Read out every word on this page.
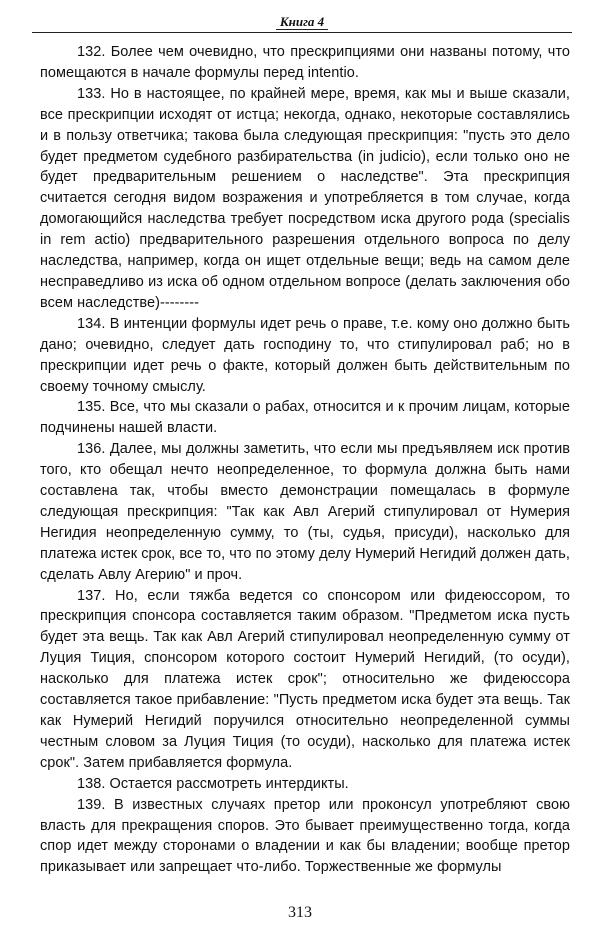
Книга 4

132. Более чем очевидно, что прескрипциями они названы потому, что помещаются в начале формулы перед intentio.

133. Но в настоящее, по крайней мере, время, как мы и выше сказали, все прескрипции исходят от истца; некогда, однако, некоторые составлялись и в пользу ответчика; такова была следующая прескрипция: "пусть это дело будет предметом судебного разбирательства (in judicio), если только оно не будет предварительным решением о наследстве". Эта прескрипция считается сегодня видом возражения и употребляется в том случае, когда домогающийся наследства требует посредством иска другого рода (specialis in rem actio) предварительного разрешения отдельного вопроса по делу наследства, например, когда он ищет отдельные вещи; ведь на самом деле несправедливо из иска об одном отдельном вопросе (делать заключения обо всем наследстве)--------

134. В интенции формулы идет речь о праве, т.е. кому оно должно быть дано; очевидно, следует дать господину то, что стипулировал раб; но в прескрипции идет речь о факте, который должен быть действительным по своему точному смыслу.

135. Все, что мы сказали о рабах, относится и к прочим лицам, которые подчинены нашей власти.

136. Далее, мы должны заметить, что если мы предъявляем иск против того, кто обещал нечто неопределенное, то формула должна быть нами составлена так, чтобы вместо демонстрации помещалась в формуле следующая прескрипция: "Так как Авл Агерий стипулировал от Нумерия Негидия неопределенную сумму, то (ты, судья, присуди), насколько для платежа истек срок, все то, что по этому делу Нумерий Негидий должен дать, сделать Авлу Агерию" и проч.

137. Но, если тяжба ведется со спонсором или фидеюссором, то прескрипция спонсора составляется таким образом. "Предметом иска пусть будет эта вещь. Так как Авл Агерий стипулировал неопределенную сумму от Луция Тиция, спонсором которого состоит Нумерий Негидий, (то осуди), насколько для платежа истек срок"; относительно же фидеюссора составляется такое прибавление: "Пусть предметом иска будет эта вещь. Так как Нумерий Негидий поручился относительно неопределенной суммы честным словом за Луция Тиция (то осуди), насколько для платежа истек срок". Затем прибавляется формула.

138. Остается рассмотреть интердикты.

139. В известных случаях претор или проконсул употребляют свою власть для прекращения споров. Это бывает преимущественно тогда, когда спор идет между сторонами о владении и как бы владении; вообще претор приказывает или запрещает что-либо. Торжественные же формулы

313
